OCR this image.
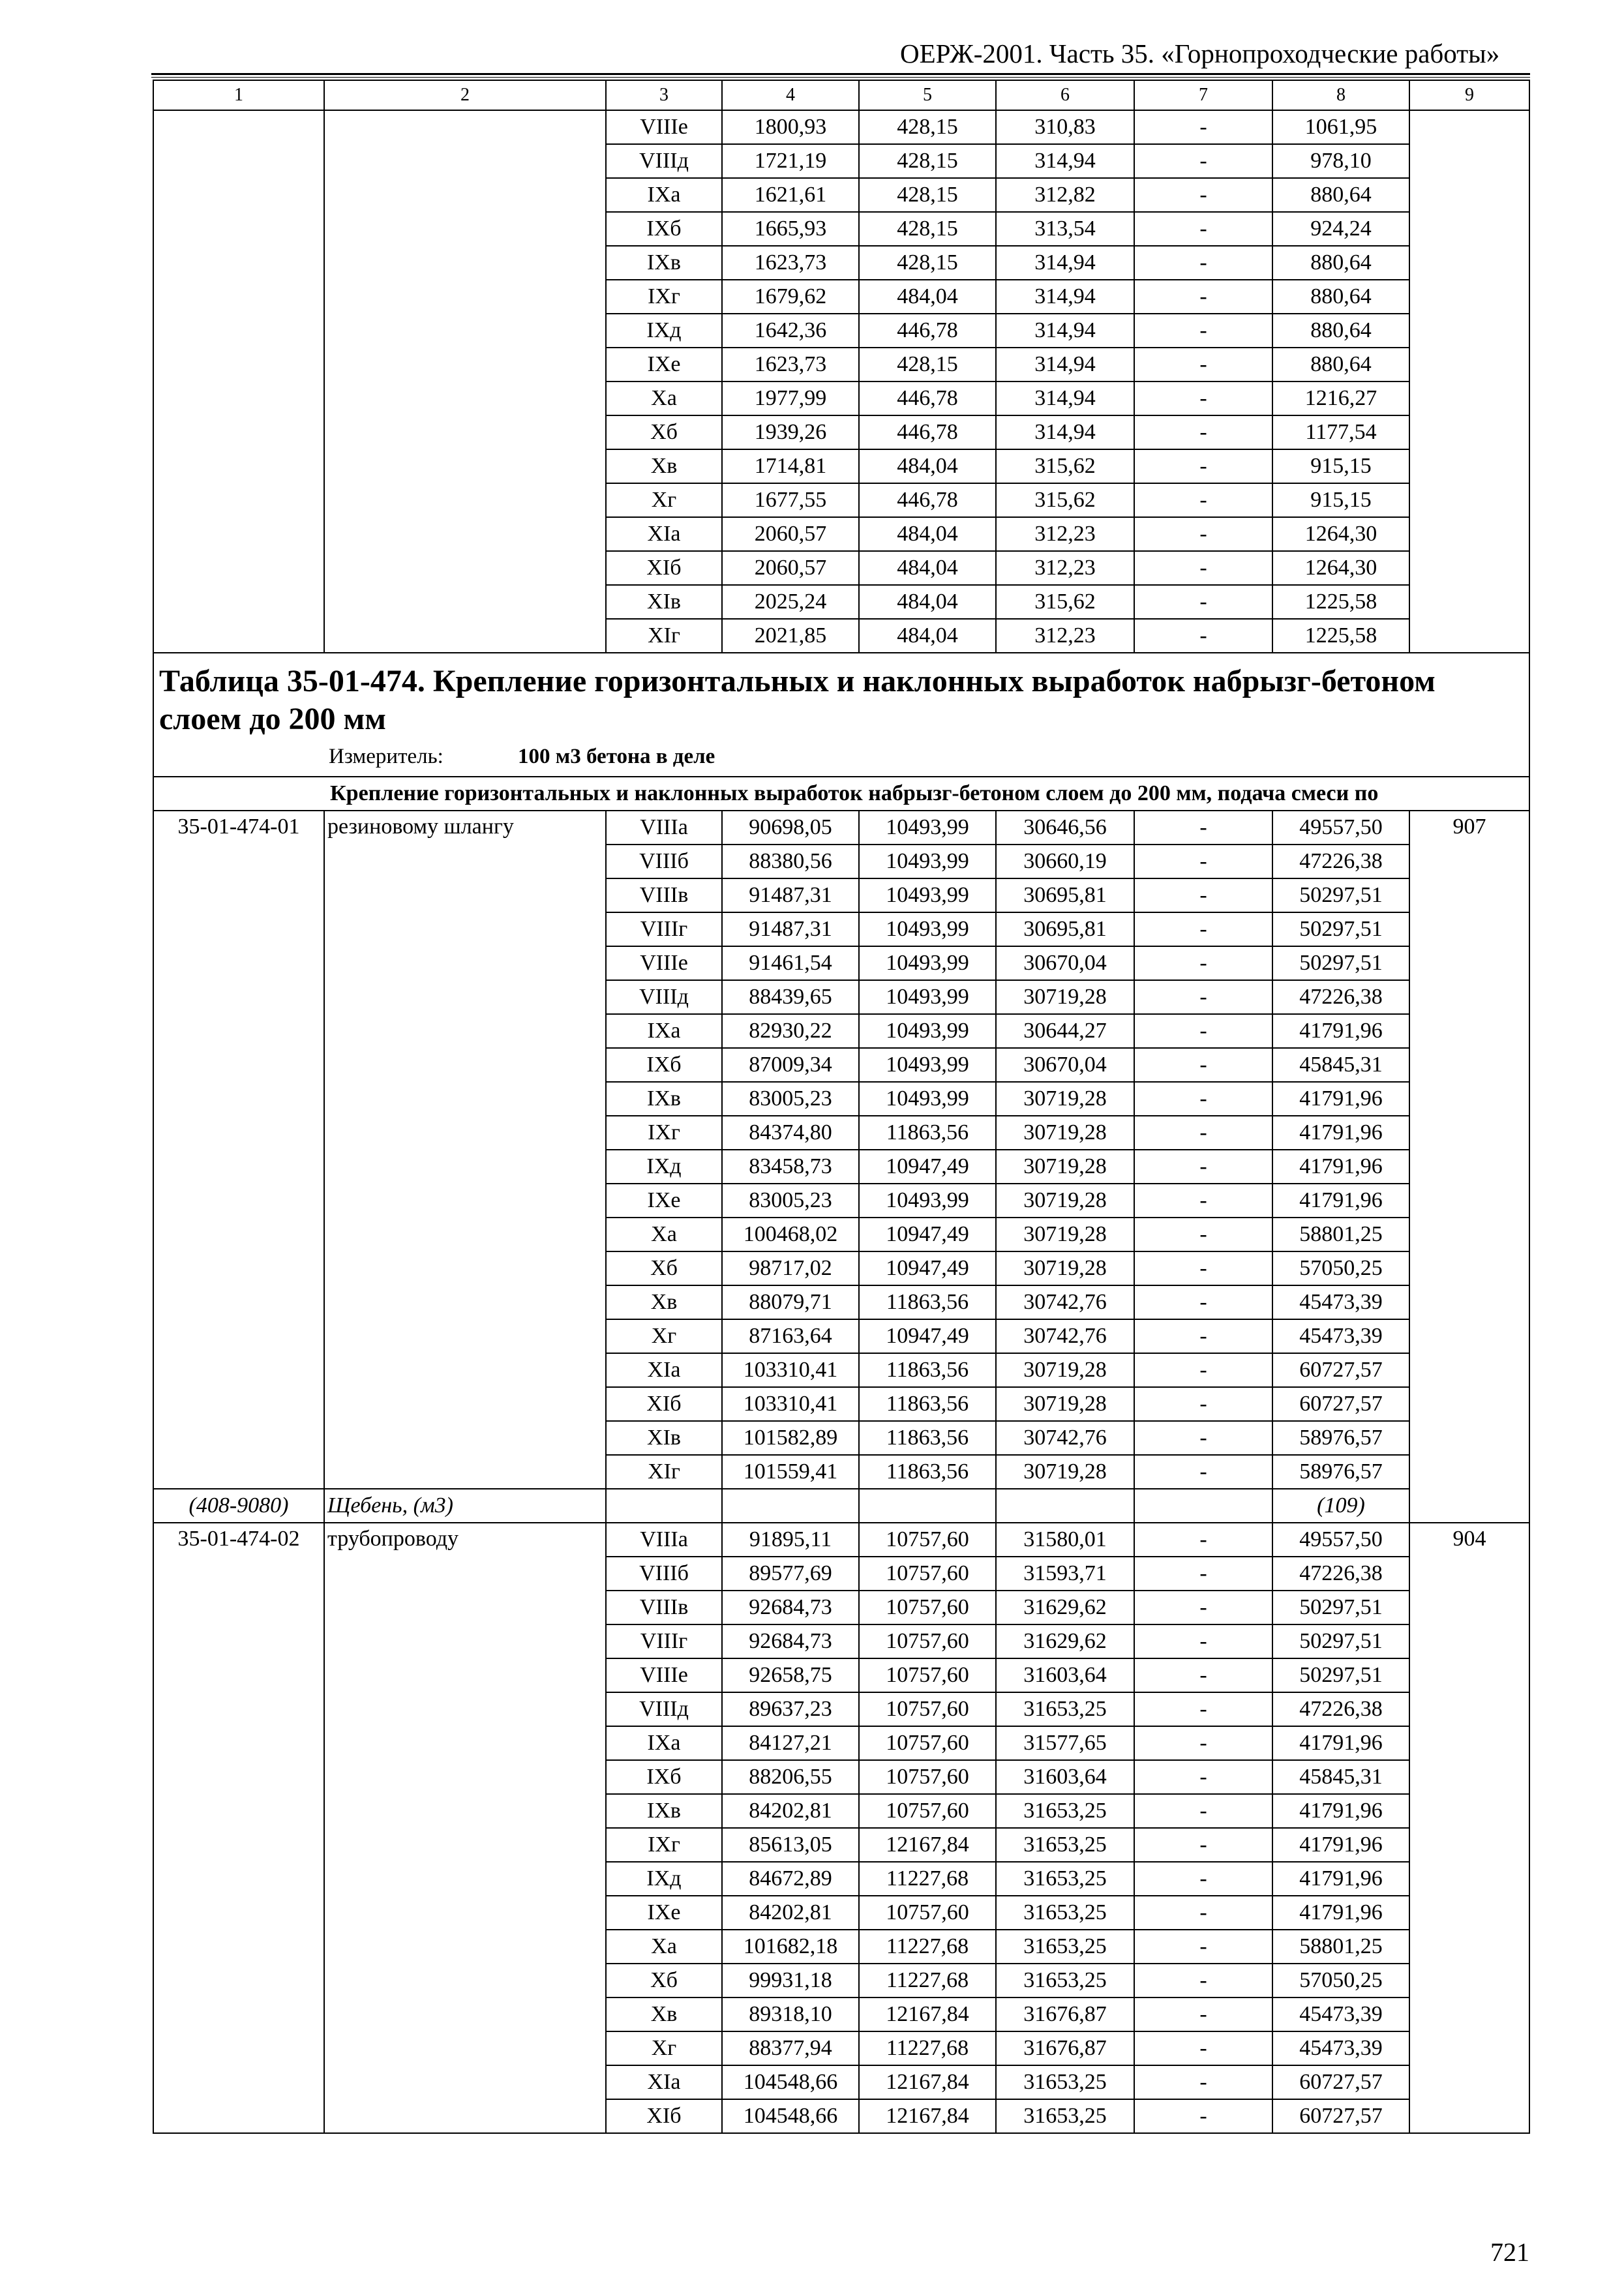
ОЕРЖ-2001. Часть 35. «Горнопроходческие работы»
1	2	3	4	5	6	7	8	9
		VIIIе	1800,93	428,15	310,83	-	1061,95	
		VIIIд	1721,19	428,15	314,94	-	978,10	
		IXа	1621,61	428,15	312,82	-	880,64	
		IXб	1665,93	428,15	313,54	-	924,24	
		IXв	1623,73	428,15	314,94	-	880,64	
		IXг	1679,62	484,04	314,94	-	880,64	
		IXд	1642,36	446,78	314,94	-	880,64	
		IXе	1623,73	428,15	314,94	-	880,64	
		Xа	1977,99	446,78	314,94	-	1216,27	
		Xб	1939,26	446,78	314,94	-	1177,54	
		Xв	1714,81	484,04	315,62	-	915,15	
		Xг	1677,55	446,78	315,62	-	915,15	
		XIа	2060,57	484,04	312,23	-	1264,30	
		XIб	2060,57	484,04	312,23	-	1264,30	
		XIв	2025,24	484,04	315,62	-	1225,58	
		XIг	2021,85	484,04	312,23	-	1225,58	

Таблица 35-01-474. Крепление горизонтальных и наклонных выработок набрызг-бетоном слоем до 200 мм
Измеритель: 100 м3 бетона в деле								

Крепление горизонтальных и наклонных выработок набрызг-бетоном слоем до 200 мм, подача смеси по								
35-01-474-01	резиновому шлангу	VIIIа	90698,05	10493,99	30646,56	-	49557,50	907
		VIIIб	88380,56	10493,99	30660,19	-	47226,38	
		VIIIв	91487,31	10493,99	30695,81	-	50297,51	
		VIIIг	91487,31	10493,99	30695,81	-	50297,51	
		VIIIе	91461,54	10493,99	30670,04	-	50297,51	
		VIIIд	88439,65	10493,99	30719,28	-	47226,38	
		IXа	82930,22	10493,99	30644,27	-	41791,96	
		IXб	87009,34	10493,99	30670,04	-	45845,31	
		IXв	83005,23	10493,99	30719,28	-	41791,96	
		IXг	84374,80	11863,56	30719,28	-	41791,96	
		IXд	83458,73	10947,49	30719,28	-	41791,96	
		IXе	83005,23	10493,99	30719,28	-	41791,96	
		Xа	100468,02	10947,49	30719,28	-	58801,25	
		Xб	98717,02	10947,49	30719,28	-	57050,25	
		Xв	88079,71	11863,56	30742,76	-	45473,39	
		Xг	87163,64	10947,49	30742,76	-	45473,39	
		XIа	103310,41	11863,56	30719,28	-	60727,57	
		XIб	103310,41	11863,56	30719,28	-	60727,57	
		XIв	101582,89	11863,56	30742,76	-	58976,57	
		XIг	101559,41	11863,56	30719,28	-	58976,57	
(408-9080)	Щебень, (м3)						(109)	
35-01-474-02	трубопроводу	VIIIа	91895,11	10757,60	31580,01	-	49557,50	904
		VIIIб	89577,69	10757,60	31593,71	-	47226,38	
		VIIIв	92684,73	10757,60	31629,62	-	50297,51	
		VIIIг	92684,73	10757,60	31629,62	-	50297,51	
		VIIIе	92658,75	10757,60	31603,64	-	50297,51	
		VIIIд	89637,23	10757,60	31653,25	-	47226,38	
		IXа	84127,21	10757,60	31577,65	-	41791,96	
		IXб	88206,55	10757,60	31603,64	-	45845,31	
		IXв	84202,81	10757,60	31653,25	-	41791,96	
		IXг	85613,05	12167,84	31653,25	-	41791,96	
		IXд	84672,89	11227,68	31653,25	-	41791,96	
		IXе	84202,81	10757,60	31653,25	-	41791,96	
		Xа	101682,18	11227,68	31653,25	-	58801,25	
		Xб	99931,18	11227,68	31653,25	-	57050,25	
		Xв	89318,10	12167,84	31676,87	-	45473,39	
		Xг	88377,94	11227,68	31676,87	-	45473,39	
		XIа	104548,66	12167,84	31653,25	-	60727,57	
		XIб	104548,66	12167,84	31653,25	-	60727,57	
721
